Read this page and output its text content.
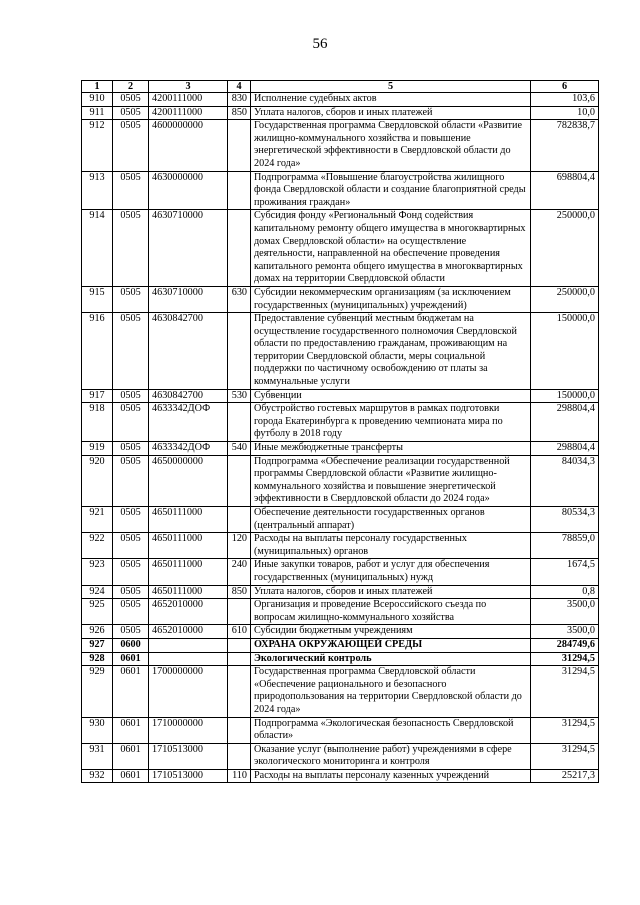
56
1	2	3	4	5	6
910	0505	4200111000	830	Исполнение судебных актов	103,6
911	0505	4200111000	850	Уплата налогов, сборов и иных платежей	10,0
912	0505	4600000000		Государственная программа Свердловской области «Развитие жилищно-коммунального хозяйства и повышение энергетической эффективности в Свердловской области до 2024 года»	782838,7
913	0505	4630000000		Подпрограмма «Повышение благоустройства жилищного фонда Свердловской области и создание благоприятной среды проживания граждан»	698804,4
914	0505	4630710000		Субсидия фонду «Региональный Фонд содействия капитальному ремонту общего имущества в многоквартирных домах Свердловской области» на осуществление деятельности, направленной на обеспечение проведения капитального ремонта общего имущества в многоквартирных домах на территории Свердловской области	250000,0
915	0505	4630710000	630	Субсидии некоммерческим организациям (за исключением государственных (муниципальных) учреждений)	250000,0
916	0505	4630842700		Предоставление субвенций местным бюджетам на осуществление государственного полномочия Свердловской области по предоставлению гражданам, проживающим на территории Свердловской области, меры социальной поддержки по частичному освобождению от платы за коммунальные услуги	150000,0
917	0505	4630842700	530	Субвенции	150000,0
918	0505	4633342ДОФ		Обустройство гостевых маршрутов в рамках подготовки города Екатеринбурга к проведению чемпионата мира по футболу в 2018 году	298804,4
919	0505	4633342ДОФ	540	Иные межбюджетные трансферты	298804,4
920	0505	4650000000		Подпрограмма «Обеспечение реализации государственной программы Свердловской области «Развитие жилищно-коммунального хозяйства и повышение энергетической эффективности в Свердловской области до 2024 года»	84034,3
921	0505	4650111000		Обеспечение деятельности государственных органов (центральный аппарат)	80534,3
922	0505	4650111000	120	Расходы на выплаты персоналу государственных (муниципальных) органов	78859,0
923	0505	4650111000	240	Иные закупки товаров, работ и услуг для обеспечения государственных (муниципальных) нужд	1674,5
924	0505	4650111000	850	Уплата налогов, сборов и иных платежей	0,8
925	0505	4652010000		Организация и проведение Всероссийского съезда по вопросам жилищно-коммунального хозяйства	3500,0
926	0505	4652010000	610	Субсидии бюджетным учреждениям	3500,0
927	0600			ОХРАНА ОКРУЖАЮЩЕЙ СРЕДЫ	284749,6
928	0601			Экологический контроль	31294,5
929	0601	1700000000		Государственная программа Свердловской области «Обеспечение рационального и безопасного природопользования на территории Свердловской области до 2024 года»	31294,5
930	0601	1710000000		Подпрограмма «Экологическая безопасность Свердловской области»	31294,5
931	0601	1710513000		Оказание услуг (выполнение работ) учреждениями в сфере экологического мониторинга и контроля	31294,5
932	0601	1710513000	110	Расходы на выплаты персоналу казенных учреждений	25217,3
